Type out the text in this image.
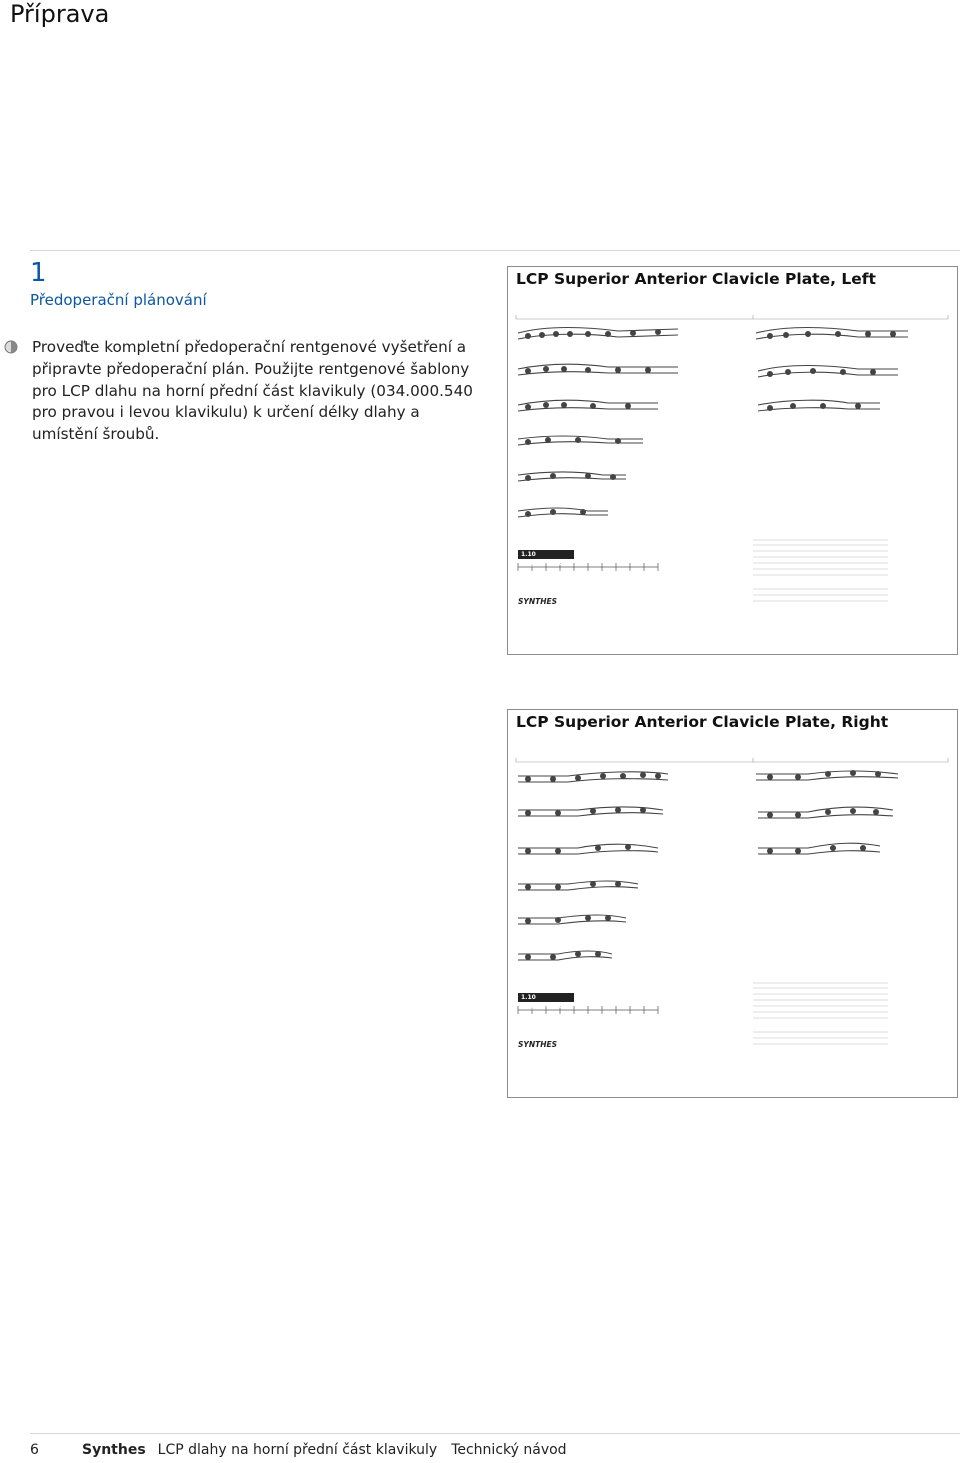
Příprava
1
Předoperační plánování
Proveďte kompletní předoperační rentgenové vyšetření a připravte předoperační plán. Použijte rentgenové šablony pro LCP dlahu na horní přední část klavikuly (034.000.540 pro pravou i levou klavikulu) k určení délky dlahy a umístění šroubů.
LCP Superior Anterior Clavicle Plate, Left
1.10 Magnification
SYNTHES
LCP Superior Anterior Clavicle Plate, Right
1.10 Magnification
SYNTHES
6	Synthes LCP dlahy na horní přední část klavikuly Technický návod
